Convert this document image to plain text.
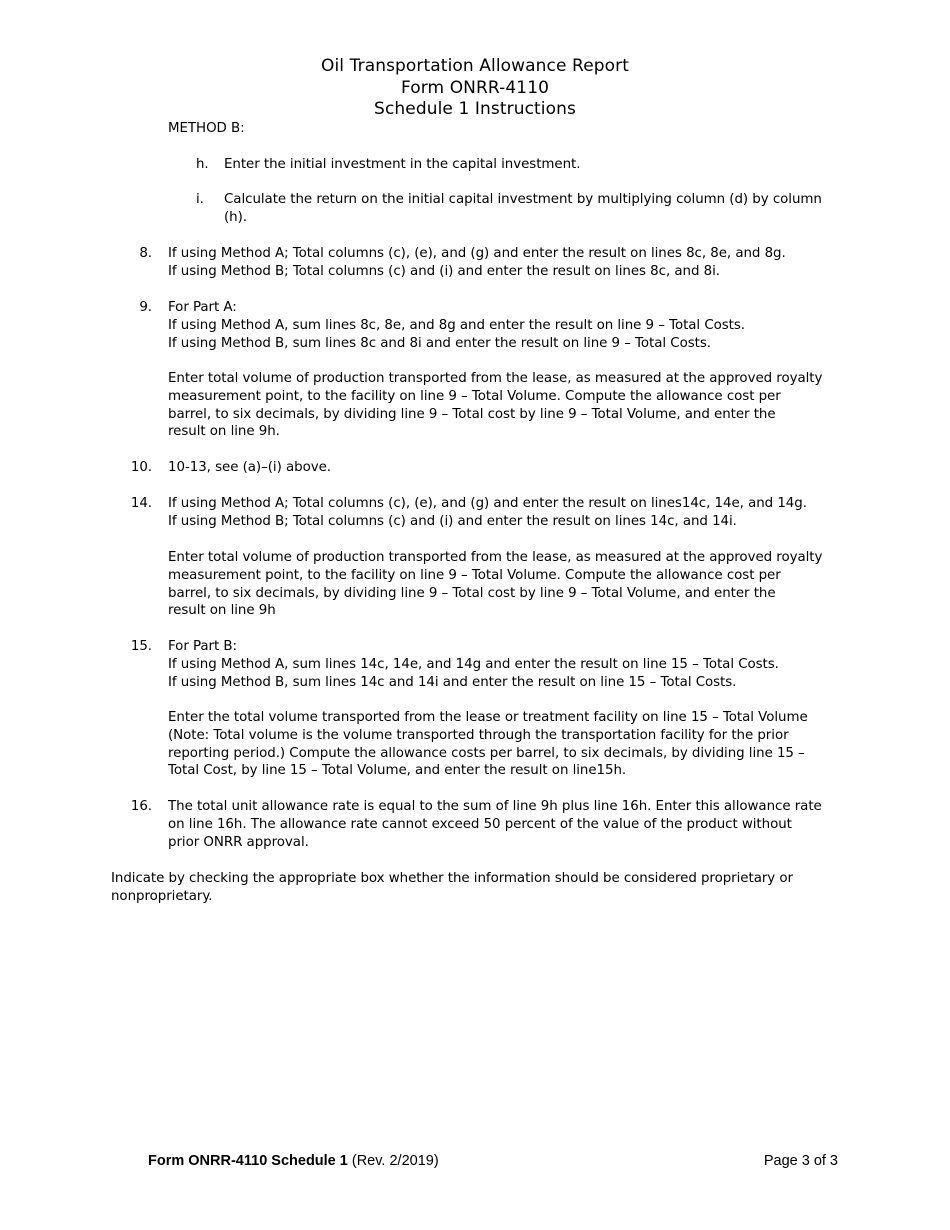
Oil Transportation Allowance Report
Form ONRR-4110
Schedule 1 Instructions
METHOD B:
h. Enter the initial investment in the capital investment.
i. Calculate the return on the initial capital investment by multiplying column (d) by column
(h).
8. If using Method A; Total columns (c), (e), and (g) and enter the result on lines 8c, 8e, and 8g.
If using Method B; Total columns (c) and (i) and enter the result on lines 8c, and 8i.
9. For Part A:
If using Method A, sum lines 8c, 8e, and 8g and enter the result on line 9 – Total Costs.
If using Method B, sum lines 8c and 8i and enter the result on line 9 – Total Costs.
Enter total volume of production transported from the lease, as measured at the approved royalty
measurement point, to the facility on line 9 – Total Volume. Compute the allowance cost per
barrel, to six decimals, by dividing line 9 – Total cost by line 9 – Total Volume, and enter the
result on line 9h.
10. 10-13, see (a)–(i) above.
14. If using Method A; Total columns (c), (e), and (g) and enter the result on lines14c, 14e, and 14g.
If using Method B; Total columns (c) and (i) and enter the result on lines 14c, and 14i.
Enter total volume of production transported from the lease, as measured at the approved royalty
measurement point, to the facility on line 9 – Total Volume. Compute the allowance cost per
barrel, to six decimals, by dividing line 9 – Total cost by line 9 – Total Volume, and enter the
result on line 9h
15. For Part B:
If using Method A, sum lines 14c, 14e, and 14g and enter the result on line 15 – Total Costs.
If using Method B, sum lines 14c and 14i and enter the result on line 15 – Total Costs.
Enter the total volume transported from the lease or treatment facility on line 15 – Total Volume
(Note: Total volume is the volume transported through the transportation facility for the prior
reporting period.) Compute the allowance costs per barrel, to six decimals, by dividing line 15 –
Total Cost, by line 15 – Total Volume, and enter the result on line15h.
16. The total unit allowance rate is equal to the sum of line 9h plus line 16h. Enter this allowance rate
on line 16h. The allowance rate cannot exceed 50 percent of the value of the product without
prior ONRR approval.
Indicate by checking the appropriate box whether the information should be considered proprietary or
nonproprietary.
Form ONRR-4110 Schedule 1 (Rev. 2/2019)	Page 3 of 3
